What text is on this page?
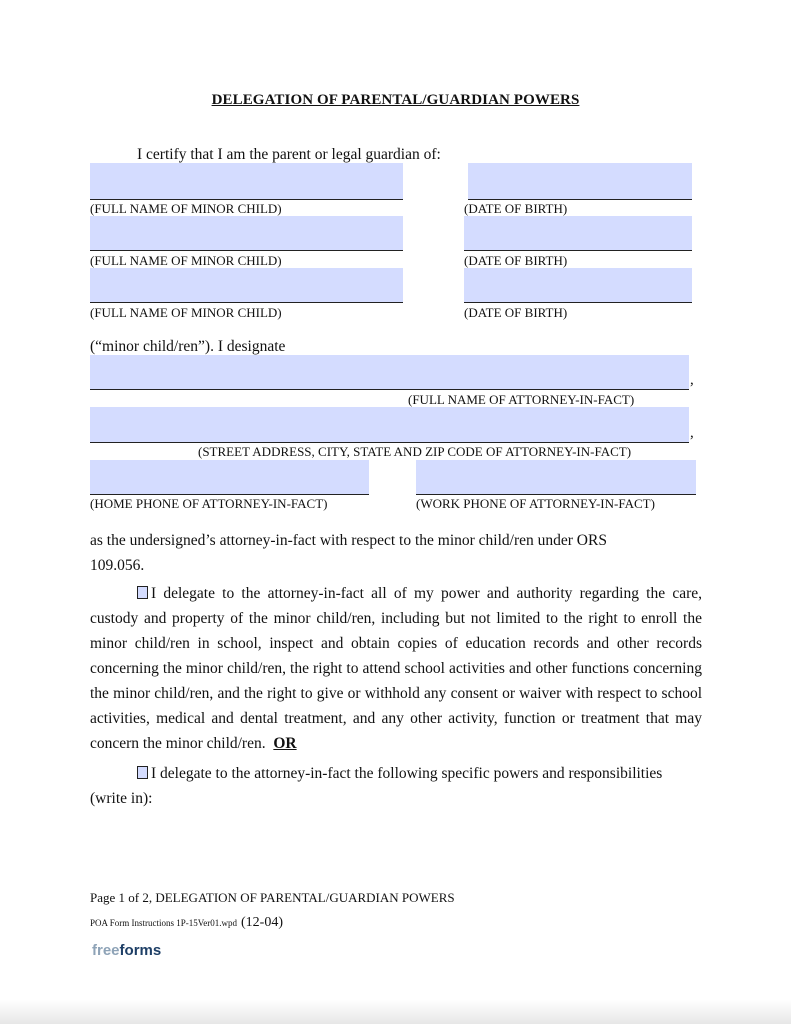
DELEGATION OF PARENTAL/GUARDIAN POWERS
I certify that I am the parent or legal guardian of:
(FULL NAME OF MINOR CHILD)	(DATE OF BIRTH)
(FULL NAME OF MINOR CHILD)	(DATE OF BIRTH)
(FULL NAME OF MINOR CHILD)	(DATE OF BIRTH)
(“minor child/ren”). I designate
,
(FULL NAME OF ATTORNEY-IN-FACT)
,
(STREET ADDRESS, CITY, STATE AND ZIP CODE OF ATTORNEY-IN-FACT)
(HOME PHONE OF ATTORNEY-IN-FACT)	(WORK PHONE OF ATTORNEY-IN-FACT)
as the undersigned’s attorney-in-fact with respect to the minor child/ren under ORS
109.056.
I delegate to the attorney-in-fact all of my power and authority regarding the care, custody and property of the minor child/ren, including but not limited to the right to enroll the minor child/ren in school, inspect and obtain copies of education records and other records concerning the minor child/ren, the right to attend school activities and other functions concerning the minor child/ren, and the right to give or withhold any consent or waiver with respect to school activities, medical and dental treatment, and any other activity, function or treatment that may concern the minor child/ren. OR
I delegate to the attorney-in-fact the following specific powers and responsibilities (write in):
Page 1 of 2, DELEGATION OF PARENTAL/GUARDIAN POWERS
POA Form Instructions 1P-15Ver01.wpd (12-04)
freeforms
